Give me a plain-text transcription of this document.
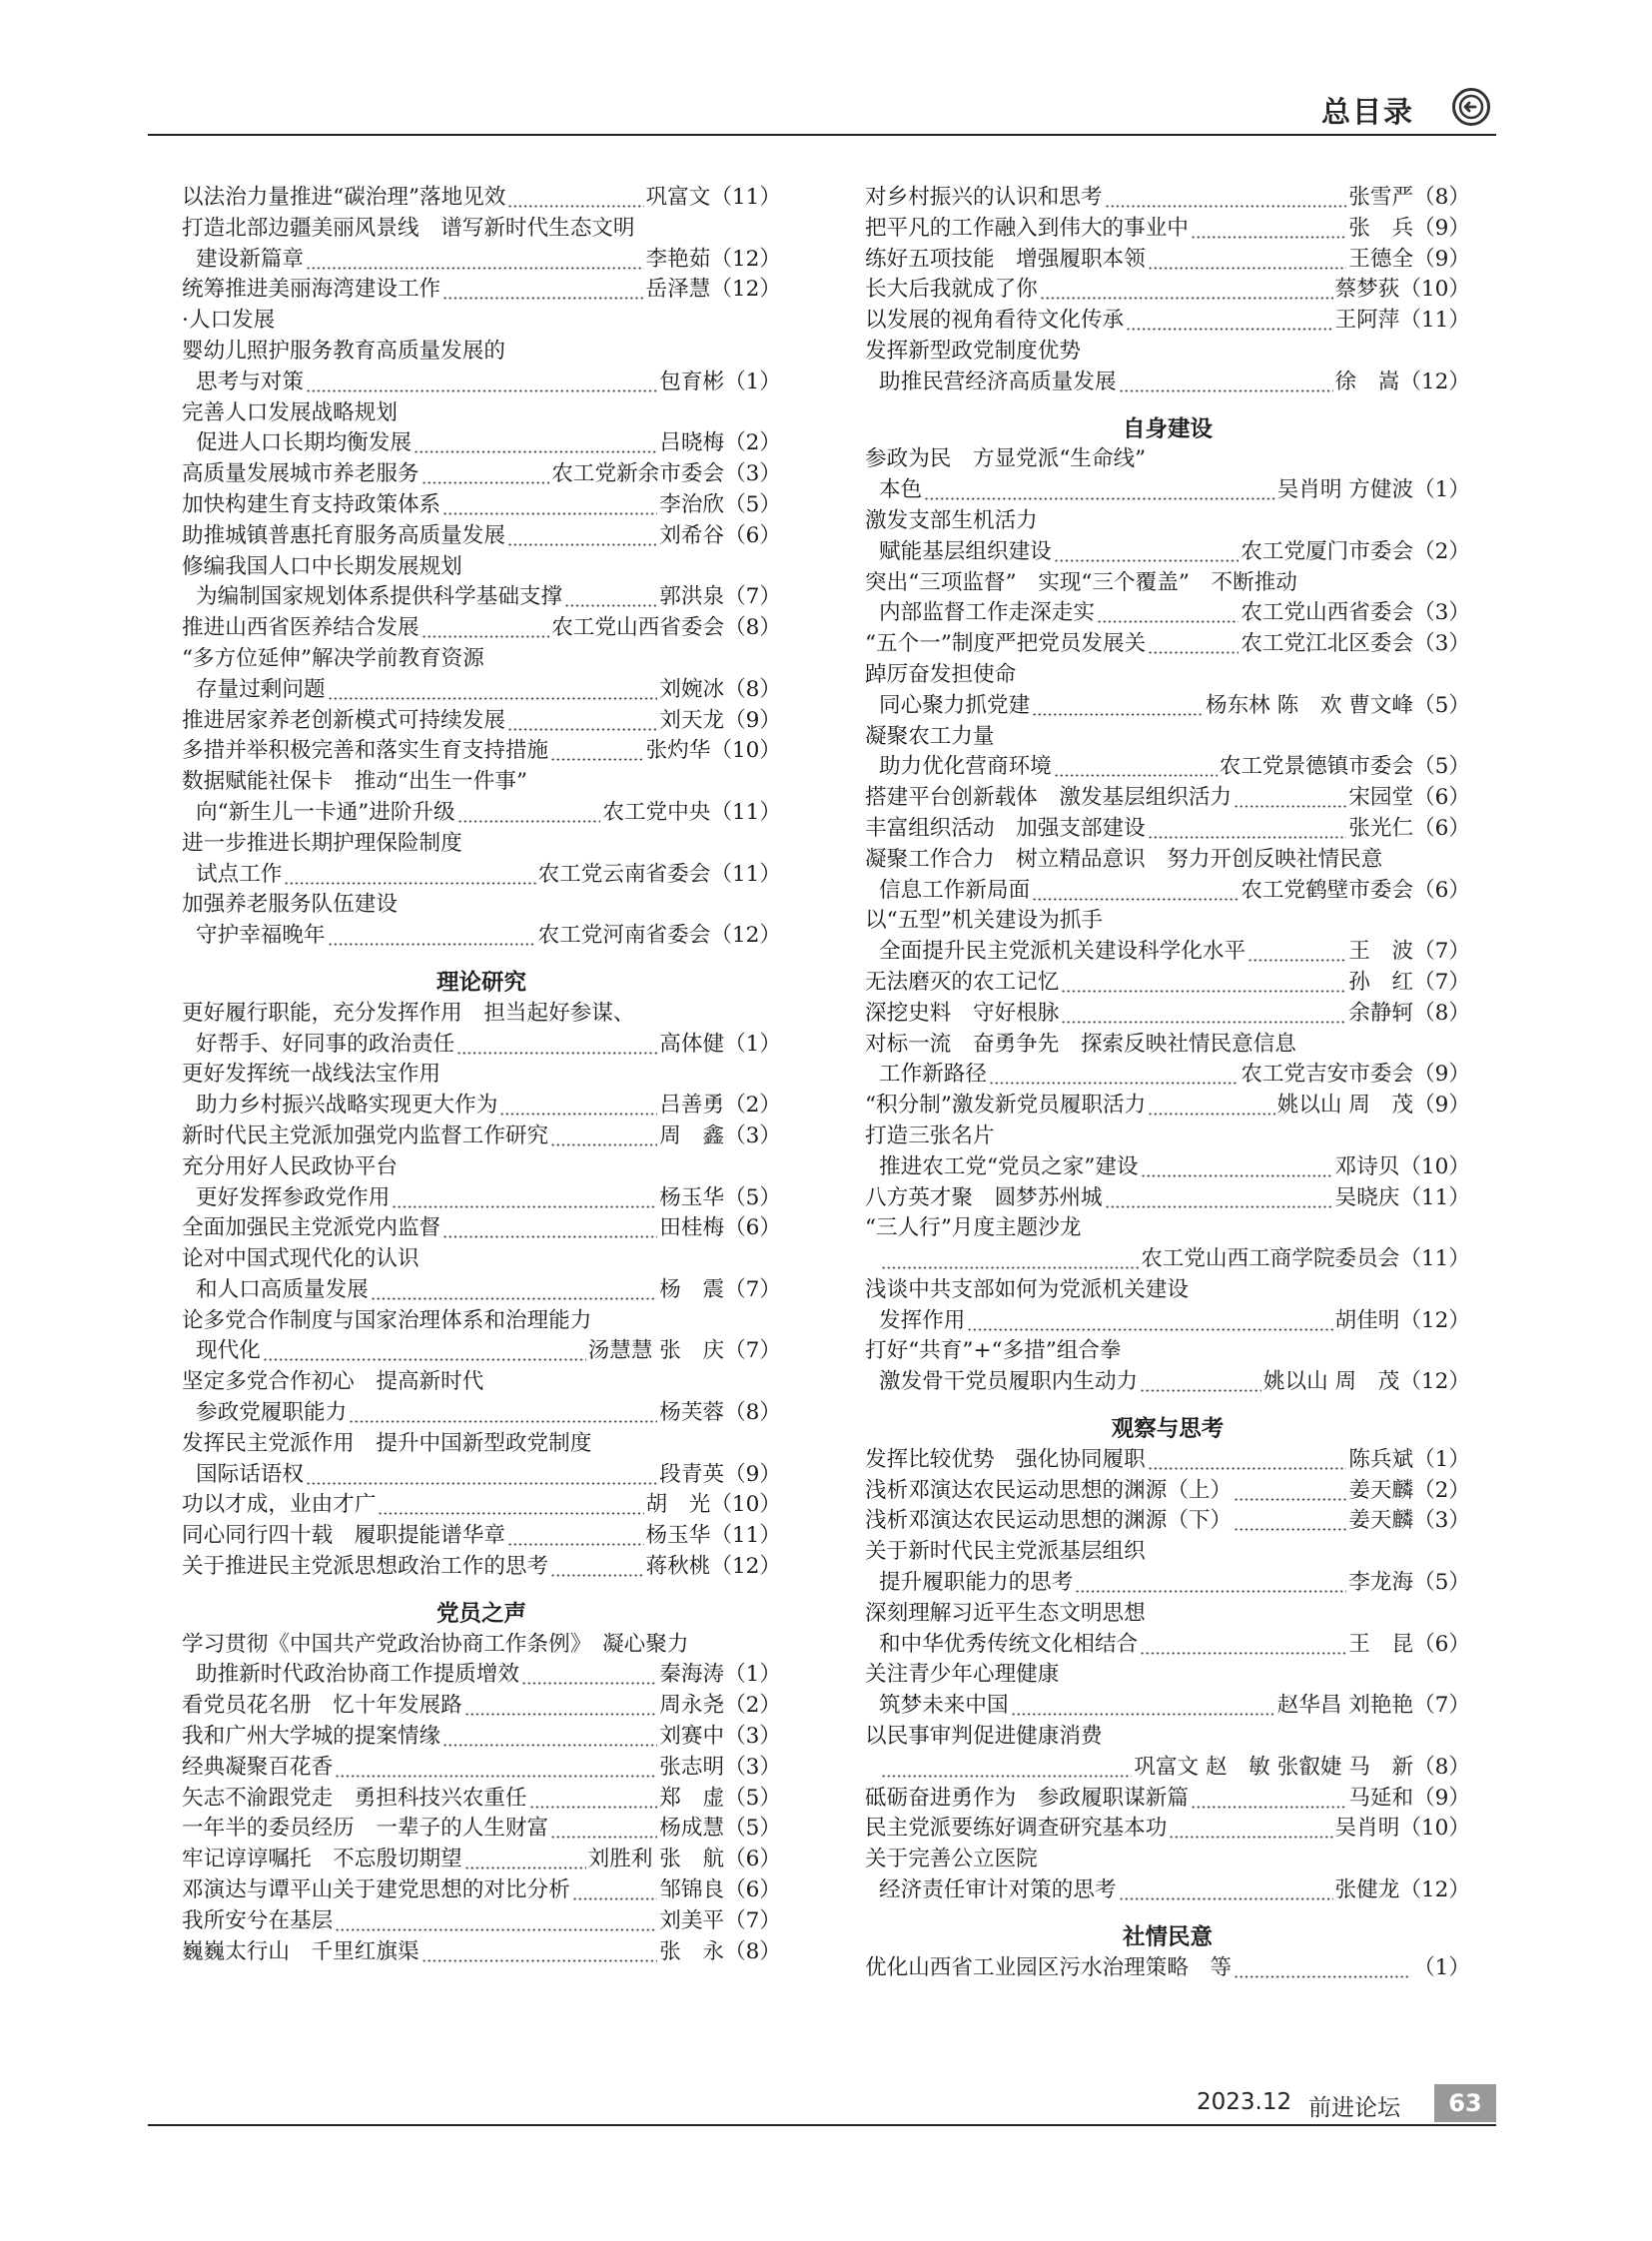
总目录
以法治力量推进“碳治理”落地见效	巩富文 （11）
打造北部边疆美丽风景线　谱写新时代生态文明
建设新篇章	李艳茹 （12）
统筹推进美丽海湾建设工作	岳泽慧 （12）
·人口发展
婴幼儿照护服务教育高质量发展的
思考与对策	包育彬 （1）
完善人口发展战略规划
促进人口长期均衡发展	吕晓梅 （2）
高质量发展城市养老服务	农工党新余市委会 （3）
加快构建生育支持政策体系	李治欣 （5）
助推城镇普惠托育服务高质量发展	刘希谷 （6）
修编我国人口中长期发展规划
为编制国家规划体系提供科学基础支撑	郭洪泉 （7）
推进山西省医养结合发展	农工党山西省委会 （8）
“多方位延伸”解决学前教育资源
存量过剩问题	刘婉冰 （8）
推进居家养老创新模式可持续发展	刘天龙 （9）
多措并举积极完善和落实生育支持措施	张灼华 （10）
数据赋能社保卡　推动“出生一件事”
向“新生儿一卡通”进阶升级	农工党中央 （11）
进一步推进长期护理保险制度
试点工作	农工党云南省委会 （11）
加强养老服务队伍建设
守护幸福晚年	农工党河南省委会 （12）
理论研究
更好履行职能，充分发挥作用　担当起好参谋、
好帮手、好同事的政治责任	高体健 （1）
更好发挥统一战线法宝作用
助力乡村振兴战略实现更大作为	吕善勇 （2）
新时代民主党派加强党内监督工作研究	周　鑫 （3）
充分用好人民政协平台
更好发挥参政党作用	杨玉华 （5）
全面加强民主党派党内监督	田桂梅 （6）
论对中国式现代化的认识
和人口高质量发展	杨　震 （7）
论多党合作制度与国家治理体系和治理能力
现代化	汤慧慧 张　庆 （7）
坚定多党合作初心　提高新时代
参政党履职能力	杨芙蓉 （8）
发挥民主党派作用　提升中国新型政党制度
国际话语权	段青英 （9）
功以才成，业由才广	胡　光 （10）
同心同行四十载　履职提能谱华章	杨玉华 （11）
关于推进民主党派思想政治工作的思考	蒋秋桃 （12）
党员之声
学习贯彻《中国共产党政治协商工作条例》　凝心聚力
助推新时代政治协商工作提质增效	秦海涛 （1）
看党员花名册　忆十年发展路	周永尧 （2）
我和广州大学城的提案情缘	刘赛中 （3）
经典凝聚百花香	张志明 （3）
矢志不渝跟党走　勇担科技兴农重任	郑　虚 （5）
一年半的委员经历　一辈子的人生财富	杨成慧 （5）
牢记谆谆嘱托　不忘殷切期望	刘胜利 张　航 （6）
邓演达与谭平山关于建党思想的对比分析	邹锦良 （6）
我所安兮在基层	刘美平 （7）
巍巍太行山　千里红旗渠	张　永 （8）
对乡村振兴的认识和思考	张雪严 （8）
把平凡的工作融入到伟大的事业中	张　兵 （9）
练好五项技能　增强履职本领	王德全 （9）
长大后我就成了你	蔡梦荻 （10）
以发展的视角看待文化传承	王阿萍 （11）
发挥新型政党制度优势
助推民营经济高质量发展	徐　嵩 （12）
自身建设
参政为民　方显党派“生命线”
本色	吴肖明 方健波 （1）
激发支部生机活力
赋能基层组织建设	农工党厦门市委会 （2）
突出“三项监督”　实现“三个覆盖”　不断推动
内部监督工作走深走实	农工党山西省委会 （3）
“五个一”制度严把党员发展关	农工党江北区委会 （3）
踔厉奋发担使命
同心聚力抓党建	杨东林 陈　欢 曹文峰 （5）
凝聚农工力量
助力优化营商环境	农工党景德镇市委会 （5）
搭建平台创新载体　激发基层组织活力	宋园堂 （6）
丰富组织活动　加强支部建设	张光仁 （6）
凝聚工作合力　树立精品意识　努力开创反映社情民意
信息工作新局面	农工党鹤壁市委会 （6）
以“五型”机关建设为抓手
全面提升民主党派机关建设科学化水平	王　波 （7）
无法磨灭的农工记忆	孙　红 （7）
深挖史料　守好根脉	余静轲 （8）
对标一流　奋勇争先　探索反映社情民意信息
工作新路径	农工党吉安市委会 （9）
“积分制”激发新党员履职活力	姚以山 周　茂 （9）
打造三张名片
推进农工党“党员之家”建设	邓诗贝 （10）
八方英才聚　圆梦苏州城	吴晓庆 （11）
“三人行”月度主题沙龙
农工党山西工商学院委员会 （11）
浅谈中共支部如何为党派机关建设
发挥作用	胡佳明 （12）
打好“共育”+“多措”组合拳
激发骨干党员履职内生动力	姚以山 周　茂 （12）
观察与思考
发挥比较优势　强化协同履职	陈兵斌 （1）
浅析邓演达农民运动思想的渊源（上）	姜天麟 （2）
浅析邓演达农民运动思想的渊源（下）	姜天麟 （3）
关于新时代民主党派基层组织
提升履职能力的思考	李龙海 （5）
深刻理解习近平生态文明思想
和中华优秀传统文化相结合	王　昆 （6）
关注青少年心理健康
筑梦未来中国	赵华昌 刘艳艳 （7）
以民事审判促进健康消费
巩富文 赵　敏 张叡婕 马　新 （8）
砥砺奋进勇作为　参政履职谋新篇	马延和 （9）
民主党派要练好调查研究基本功	吴肖明 （10）
关于完善公立医院
经济责任审计对策的思考	张健龙 （12）
社情民意
优化山西省工业园区污水治理策略　等	（1）
2023.12 前进论坛	63
